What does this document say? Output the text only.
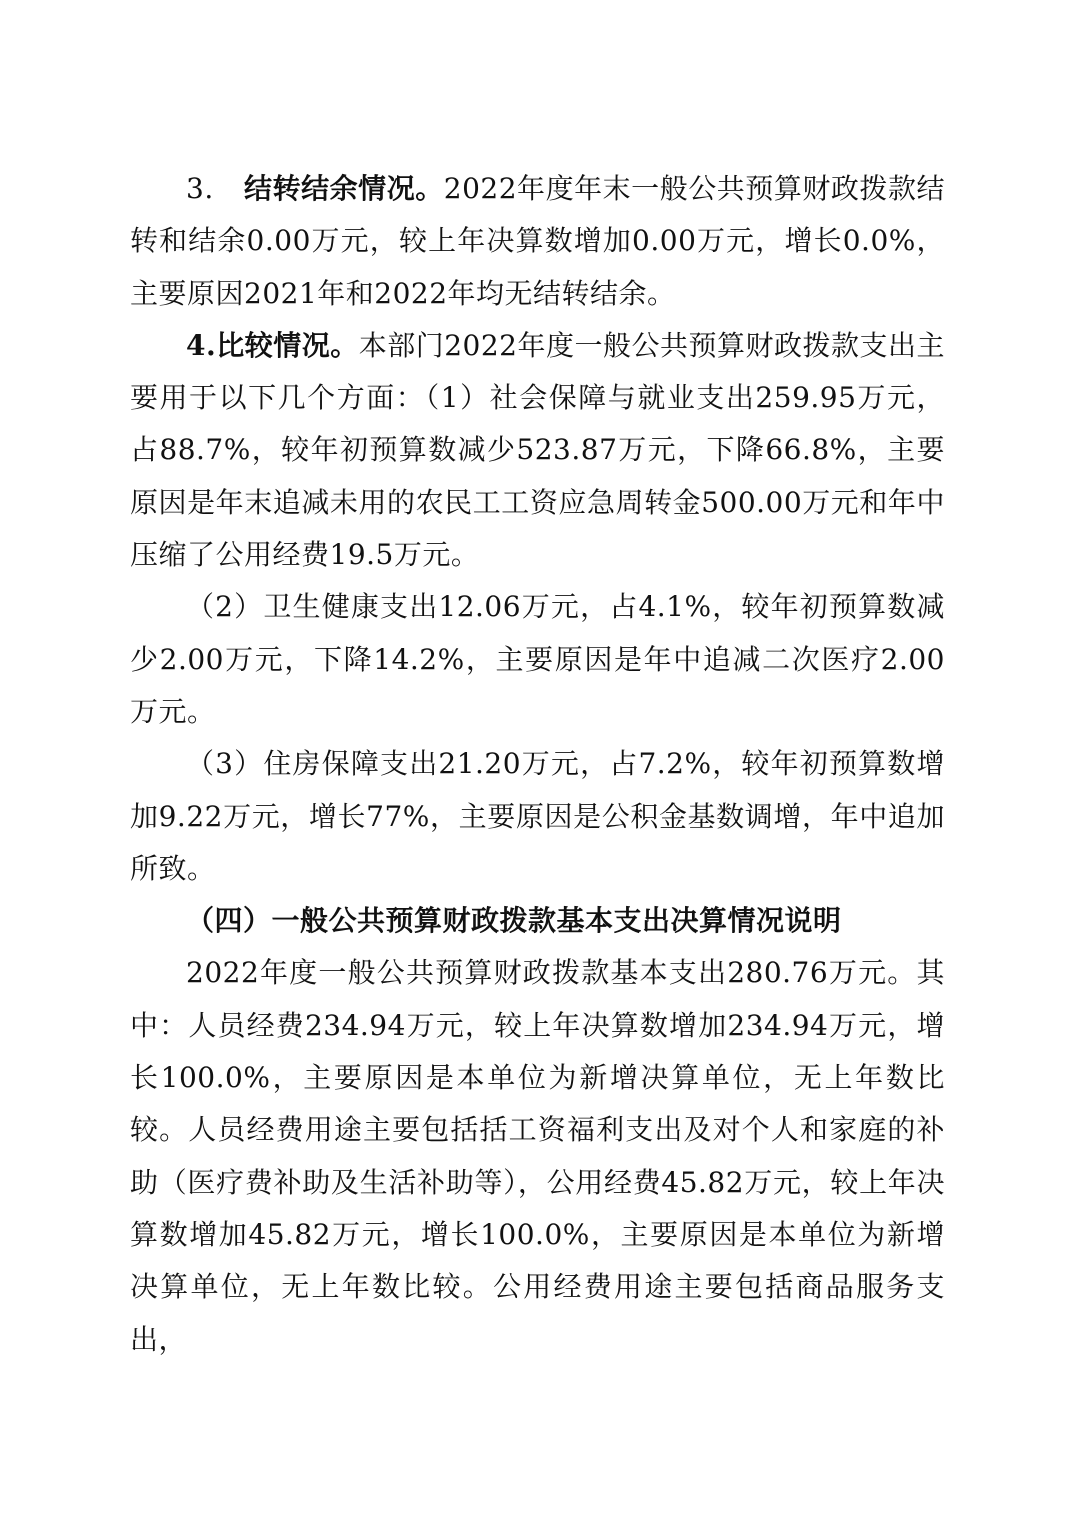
3. 结转结余情况。2022年度年末一般公共预算财政拨款结转和结余0.00万元，较上年决算数增加0.00万元，增长0.0%，主要原因2021年和2022年均无结转结余。

4.比较情况。本部门2022年度一般公共预算财政拨款支出主要用于以下几个方面：（1）社会保障与就业支出259.95万元，占88.7%，较年初预算数减少523.87万元，下降66.8%，主要原因是年末追减未用的农民工工资应急周转金500.00万元和年中压缩了公用经费19.5万元。

（2）卫生健康支出12.06万元，占4.1%，较年初预算数减少2.00万元，下降14.2%，主要原因是年中追减二次医疗2.00万元。

（3）住房保障支出21.20万元，占7.2%，较年初预算数增加9.22万元，增长77%，主要原因是公积金基数调增，年中追加所致。

（四）一般公共预算财政拨款基本支出决算情况说明

2022年度一般公共预算财政拨款基本支出280.76万元。其中：人员经费234.94万元，较上年决算数增加234.94万元，增长100.0%，主要原因是本单位为新增决算单位，无上年数比较。人员经费用途主要包括括工资福利支出及对个人和家庭的补助（医疗费补助及生活补助等），公用经费45.82万元，较上年决算数增加45.82万元，增长100.0%，主要原因是本单位为新增决算单位，无上年数比较。公用经费用途主要包括商品服务支出，
